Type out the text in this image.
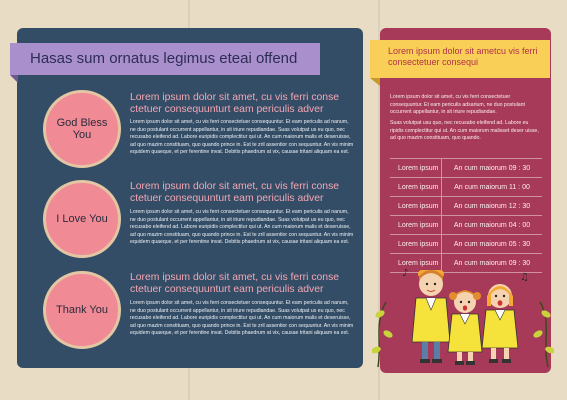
Hasas sum ornatus legimus eteai offend
God Bless You
Lorem ipsum dolor sit amet, cu vis ferri conse ctetuer consequunturt eam periculis adver
Lorem ipsum dolor sit amet, cu vis ferri consectetuer consequuntur. Et eam periculis ad nanum, ne duo postulant occurrent appellantur, in sit iriure repudiandae. Suas volutpat us eu quo, nec recusabo eleifend ad. Labore euripidis complectitur qui ut. An cum maiorum malis et deseruisse, ad quo mazim constituam, quo quando prince in. Est te zril assentior con sequuntur. An vis minim equidem quaeque, et per ferentine invat. Debitis phaedrum at vix, causae tritani aliquam ea est.
I Love You
Lorem ipsum dolor sit amet, cu vis ferri conse ctetuer consequunturt eam periculis adver
Lorem ipsum dolor sit amet, cu vis ferri consectetuer consequuntur. Et eam periculis ad nanum, ne duo postulant occurrent appellantur, in sit iriure repudiandae. Suas volutpat us eu quo, nec recusabo eleifend ad. Labore euripidis complectitur qui ut. An cum maiorum malis et deseruisse, ad quo mazim constituam, quo quando prince in. Est te zril assentior con sequuntur. An vis minim equidem quaeque, et per ferentine invat. Debitis phaedrum at vix, causae tritani aliquam ea est.
Thank You
Lorem ipsum dolor sit amet, cu vis ferri conse ctetuer consequunturt eam periculis adver
Lorem ipsum dolor sit amet, cu vis ferri consectetuer consequuntur. Et eam periculis ad nanum, ne duo postulant occurrent appellantur, in sit iriure repudiandae. Suas volutpat us eu quo, nec recusabo eleifend ad. Labore euripidis complectitur qui ut. An cum maiorum malis et deseruisse, ad quo mazim constituam, quo quando prince in. Est te zril assentior con sequuntur. An vis minim equidem quaeque, et per ferentine invat. Debitis phaedrum at vix, causae tritani aliquam ea est.
Lorem ipsum dolor sit ametcu vis ferri consectetuer consequi
Lorem ipsum dolor sit amet, cu vis ferri consectetuer consequuntur. Et eam periculis adsarium, ne duo postulant occurrent appellantur, in sit iriure repudiandae.
Suas volutpat usu quo, nec recusabo eleifend ad. Labore eu ripidis complectitur qui ut. An cum maiorum malisset deser uisse, ad quo mazim constituam, quo quando.
Lorem ipsum	An cum maiorum 09 : 30
Lorem ipsum	An cum maiorum 11 : 00
Lorem ipsum	An cum maiorum 12 : 30
Lorem ipsum	An cum maiorum 04 : 00
Lorem ipsum	An cum maiorum 05 : 30
Lorem ipsum	An cum maiorum 09 : 30
♪	♫
